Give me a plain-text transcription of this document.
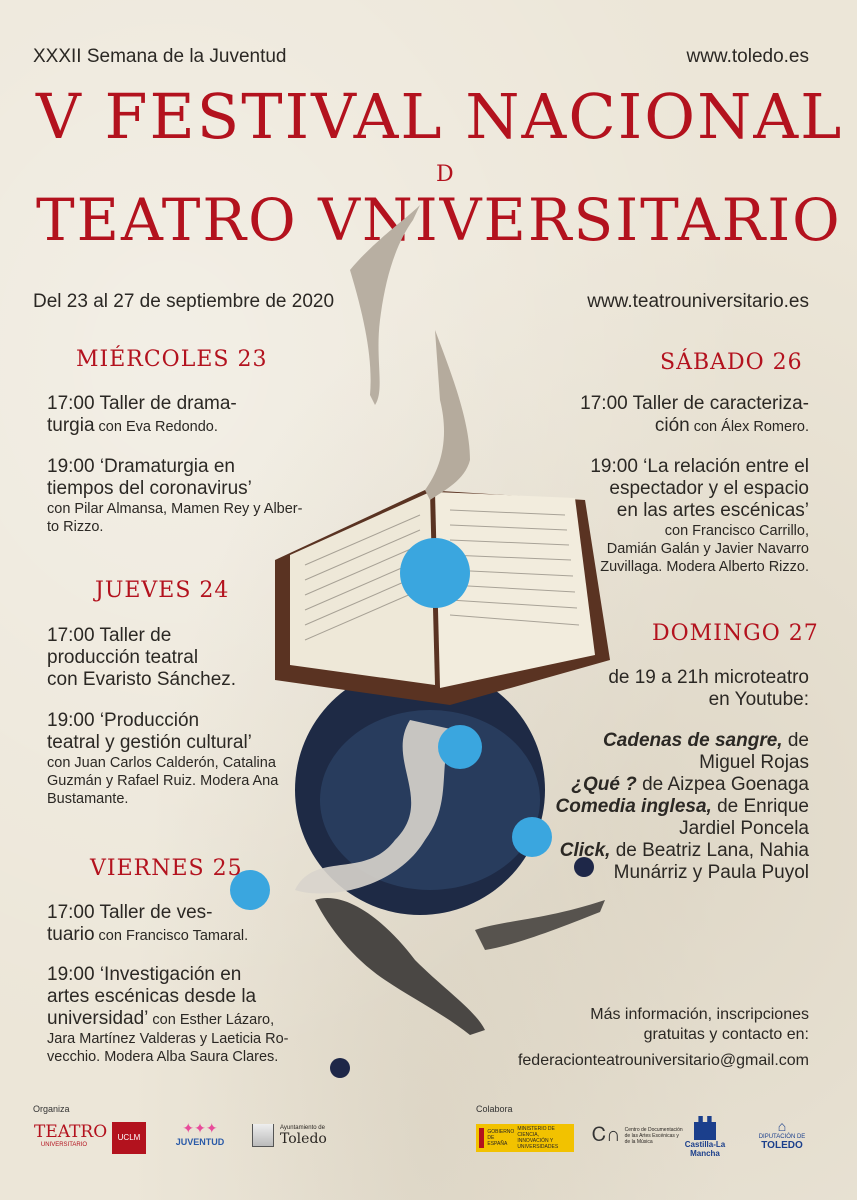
XXXII Semana de la Juventud	www.toledo.es
V FESTIVAL NACIONAL
D
TEATRO VNIVERSITARIO
Del 23 al 27 de septiembre de 2020	www.teatrouniversitario.es
MIÉRCOLES 23
17:00 Taller de drama-
turgia con Eva Redondo.
19:00 ‘Dramaturgia en
tiempos del coronavirus’
con Pilar Almansa, Mamen Rey y Alber-
to Rizzo.
JUEVES 24
17:00 Taller de
producción teatral
con Evaristo Sánchez.
19:00 ‘Producción
teatral y gestión cultural’
con Juan Carlos Calderón, Catalina
Guzmán y Rafael Ruiz. Modera Ana
Bustamante.
VIERNES 25
17:00 Taller de ves-
tuario con Francisco Tamaral.
19:00 ‘Investigación en
artes escénicas desde la
universidad’ con Esther Lázaro,
Jara Martínez Valderas y Laeticia Ro-
vecchio. Modera Alba Saura Clares.
SÁBADO 26
17:00 Taller de caracteriza-
ción con Álex Romero.
19:00 ‘La relación entre el
espectador y el espacio
en las artes escénicas’
con Francisco Carrillo,
Damián Galán y Javier Navarro
Zuvillaga. Modera Alberto Rizzo.
DOMINGO 27
de 19 a 21h microteatro
en Youtube:
Cadenas de sangre, de
Miguel Rojas
¿Qué ? de Aizpea Goenaga
Comedia inglesa, de Enrique
Jardiel Poncela
Click, de Beatriz Lana, Nahia
Munárriz y Paula Puyol
Más información, inscripciones
gratuitas y contacto en:
federacionteatrouniversitario@gmail.com
Organiza	Colabora
TEATRO
UNIVERSITARIO
UCLM
✦✦✦
JUVENTUD
Ayuntamiento de
Toledo	GOBIERNO DE ESPAÑA
MINISTERIO DE CIENCIA, INNOVACIÓN Y UNIVERSIDADES
Ꮯ∩ Centro de Documentación de las Artes Escénicas y de la Música	Castilla-La Mancha
⌂
DIPUTACIÓN DE
TOLEDO
